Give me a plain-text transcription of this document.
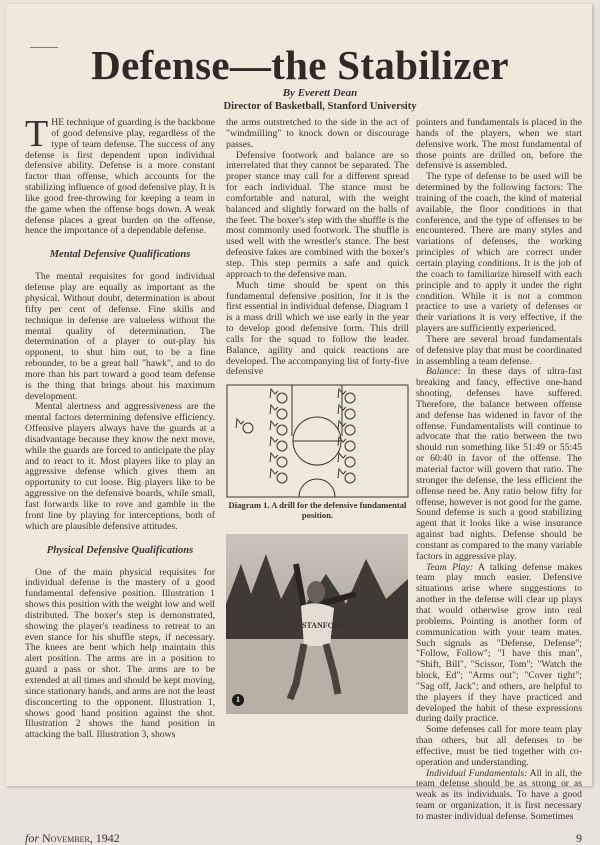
Defense—the Stabilizer
By Everett Dean
Director of Basketball, Stanford University

THE technique of guarding is the backbone of good defensive play, regardless of the type of team defense. The success of any defense is first dependent upon individual defensive ability. Defense is a more constant factor than offense, which accounts for the stabilizing influence of good defensive play. It is like good free-throwing for keeping a team in the game when the offense bogs down. A weak defense places a great burden on the offense, hence the importance of a dependable defense.

Mental Defensive Qualifications

The mental requisites for good individual defense play are equally as important as the physical. Without doubt, determination is about fifty per cent of defense. Fine skills and technique in defense are valueless without the mental quality of determination. The determination of a player to out-play his opponent, to shut him out, to be a fine rebounder, to be a great ball "hawk", and to do more than his part toward a good team defense is the thing that brings about his maximum development.

Mental alertness and aggressiveness are the mental factors determining defensive efficiency. Offensive players always have the guards at a disadvantage because they know the next move, while the guards are forced to anticipate the play and to react to it. Most players like to play an aggressive defense which gives them an opportunity to cut loose. Big players like to be aggressive on the defensive boards, while small, fast forwards like to rove and gamble in the front line by playing for interceptions, both of which are plausible defensive attitudes.

Physical Defensive Qualifications

One of the main physical requisites for individual defense is the mastery of a good fundamental defensive position. Illustration 1 shows this position with the weight low and well distributed. The boxer's step is demonstrated, showing the player's readiness to retreat to an even stance for his shuffle steps, if necessary. The knees are bent which help maintain this alert position. The arms are in a position to guard a pass or shot. The arms are to be extended at all times and should be kept moving, since stationary hands, and arms are not the least disconcerting to the opponent. Illustration 1, shows good hand position against the shot. Illustration 2 shows the hand position in attacking the ball. Illustration 3, shows

the arms outstretched to the side in the act of "windmilling" to knock down or discourage passes.

Defensive footwork and balance are so interrelated that they cannot be separated. The proper stance may call for a different spread for each individual. The stance must be comfortable and natural, with the weight balanced and slightly forward on the balls of the feet. The boxer's step with the shuffle is the most commonly used footwork. The shuffle is used well with the wrestler's stance. The best defensive fakes are combined with the boxer's step. This step permits a safe and quick approach to the defensive man.

Much time should be spent on this fundamental defensive position, for it is the first essential in individual defense. Diagram 1 is a mass drill which we use early in the year to develop good defensive form. This drill calls for the squad to follow the leader. Balance, agility and quick reactions are developed. The accompanying list of forty-five defensive

Diagram 1. A drill for the defensive fundamental position.
STANFORD
1

pointers and fundamentals is placed in the hands of the players, when we start defensive work. The most fundamental of those points are drilled on, before the defensive is assembled.

The type of defense to be used will be determined by the following factors: The training of the coach, the kind of material available, the floor conditions in that conference, and the type of offenses to be encountered. There are many styles and variations of defenses, the working principles of which are correct under certain playing conditions. It is the job of the coach to familiarize himself with each principle and to apply it under the right condition. While it is not a common practice to use a variety of defenses or their variations it is very effective, if the players are sufficiently experienced.

There are several broad fundamentals of defensive play that must be coordinated in assembling a team defense.

Balance: In these days of ultra-fast breaking and fancy, effective one-hand shooting, defenses have suffered. Therefore, the balance between offense and defense has widened in favor of the offense. Fundamentalists will continue to advocate that the ratio between the two should run something like 51:49 or 55:45 or 60:40 in favor of the offense. The material factor will govern that ratio. The stronger the defense, the less efficient the offense need be. Any ratio below fifty for offense, however is not good for the game. Sound defense is such a good stabilizing agent that it looks like a wise insurance against bad nights. Defense should be constant as compared to the many variable factors in aggressive play.

Team Play: A talking defense makes team play much easier. Defensive situations arise where suggestions to another in the defense will clear up plays that would otherwise grow into real problems. Pointing is another form of communication with your team mates. Such signals as "Defense, Defense"; "Follow, Follow"; "I have this man", "Shift, Bill", "Scissor, Tom"; "Watch the block, Ed"; "Arms out"; "Cover tight"; "Sag off, Jack"; and others, are helpful to the players if they have practiced and developed the habit of these expressions during daily practice.

Some defenses call for more team play than others, but all defenses to be effective, must be tied together with co-operation and understanding.

Individual Fundamentals: All in all, the team defense should be as strong or as weak as its individuals. To have a good team or organization, it is first necessary to master individual defense. Sometimes

for November, 1942	9
